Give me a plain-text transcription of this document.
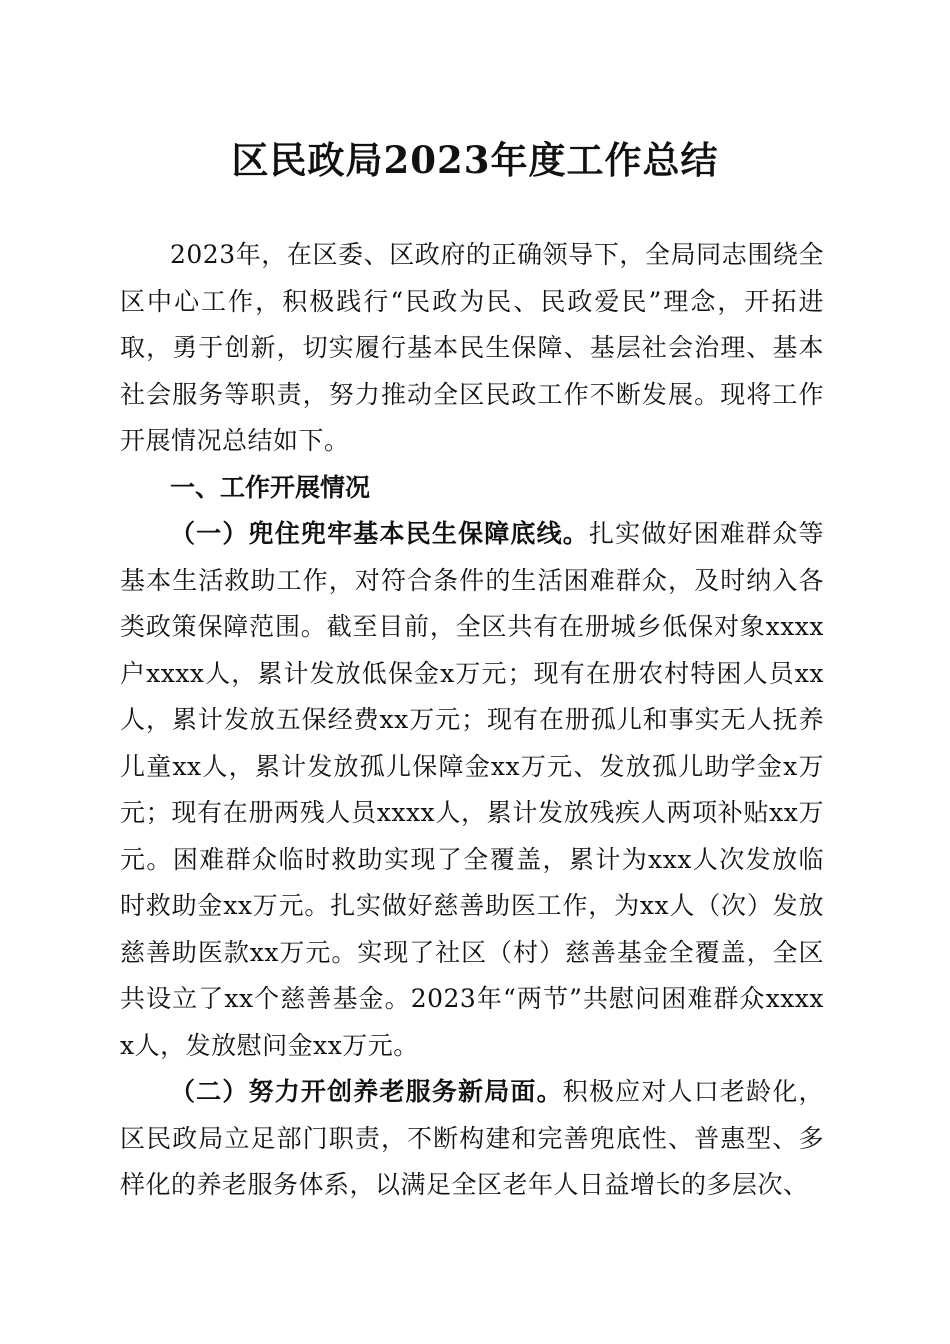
区民政局2023年度工作总结

2023年，在区委、区政府的正确领导下，全局同志围绕全区中心工作，积极践行“民政为民、民政爱民”理念，开拓进取，勇于创新，切实履行基本民生保障、基层社会治理、基本社会服务等职责，努力推动全区民政工作不断发展。现将工作开展情况总结如下。

一、工作开展情况

（一）兜住兜牢基本民生保障底线。扎实做好困难群众等基本生活救助工作，对符合条件的生活困难群众，及时纳入各类政策保障范围。截至目前，全区共有在册城乡低保对象xxxx户xxxx人，累计发放低保金x万元；现有在册农村特困人员xx人，累计发放五保经费xx万元；现有在册孤儿和事实无人抚养儿童xx人，累计发放孤儿保障金xx万元、发放孤儿助学金x万元；现有在册两残人员xxxx人，累计发放残疾人两项补贴xx万元。困难群众临时救助实现了全覆盖，累计为xxx人次发放临时救助金xx万元。扎实做好慈善助医工作，为xx人（次）发放慈善助医款xx万元。实现了社区（村）慈善基金全覆盖，全区共设立了xx个慈善基金。2023年“两节”共慰问困难群众xxxxx人，发放慰问金xx万元。

（二）努力开创养老服务新局面。积极应对人口老龄化，区民政局立足部门职责，不断构建和完善兜底性、普惠型、多样化的养老服务体系，以满足全区老年人日益增长的多层次、
